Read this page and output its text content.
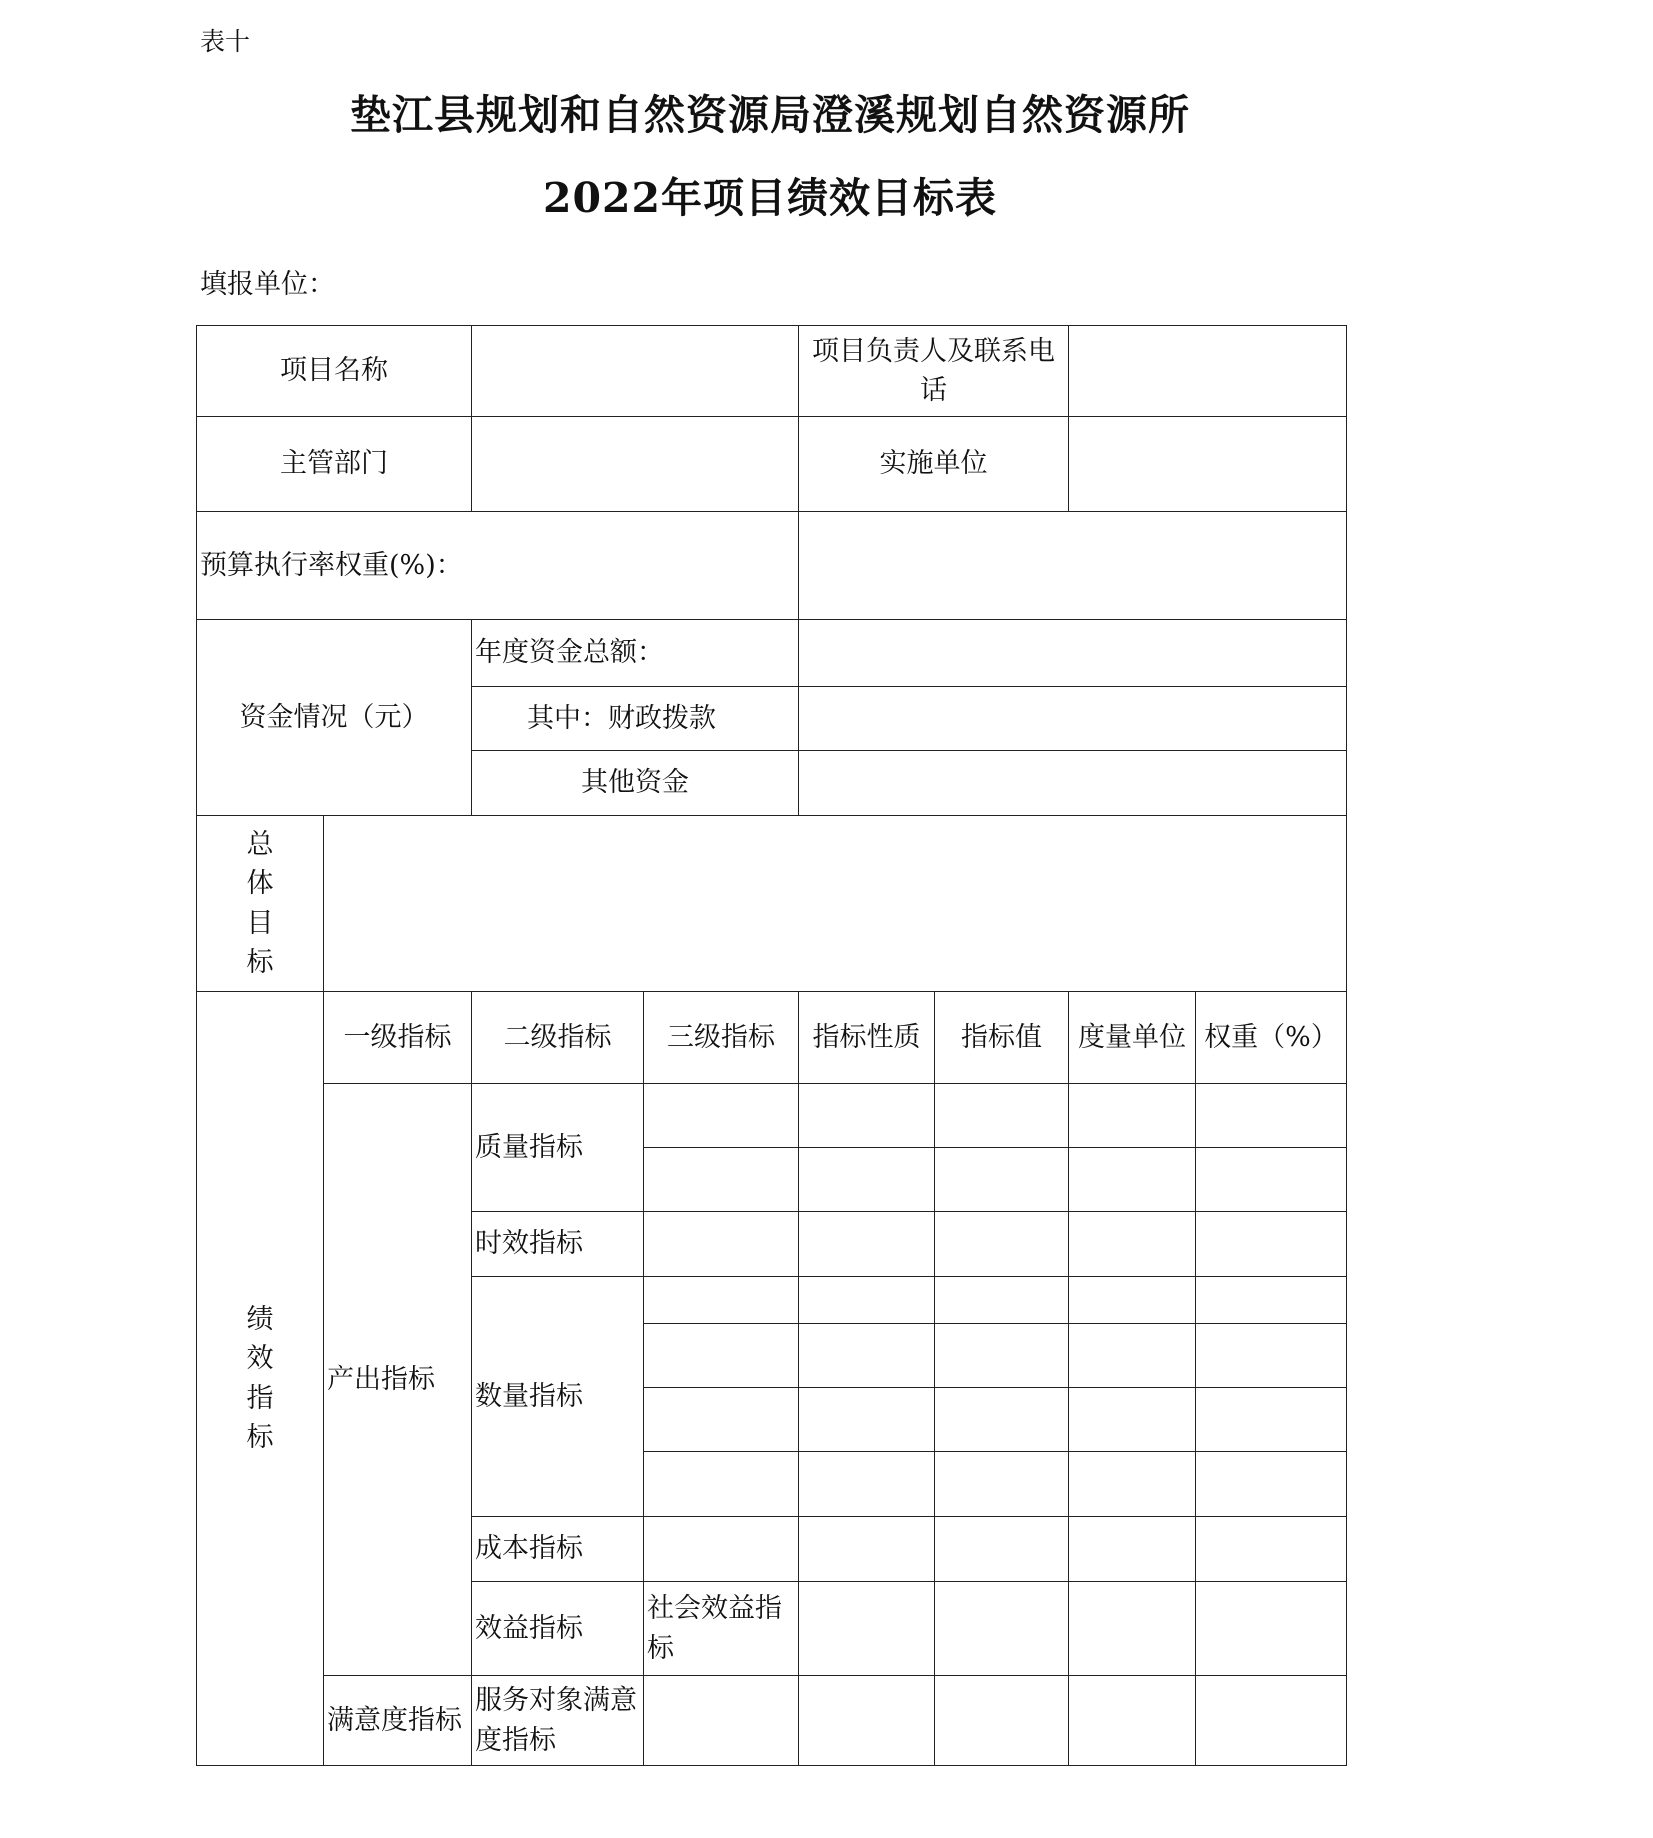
表十
垫江县规划和自然资源局澄溪规划自然资源所
2022年项目绩效目标表
填报单位：
项目名称				项目负责人及联系电话				
主管部门				实施单位				
预算执行率权重(%)：								
资金情况（元）		年度资金总额：						
		其中：财政拨款						
		其他资金						

总体目标								

绩效指标	一级指标	二级指标	三级指标	指标性质	指标值	度量单位	权重（%）	
	产出指标	质量指标						

		时效指标						
		数量指标						

		成本指标						
		效益指标	社会效益指标					
	满意度指标	服务对象满意度指标						
